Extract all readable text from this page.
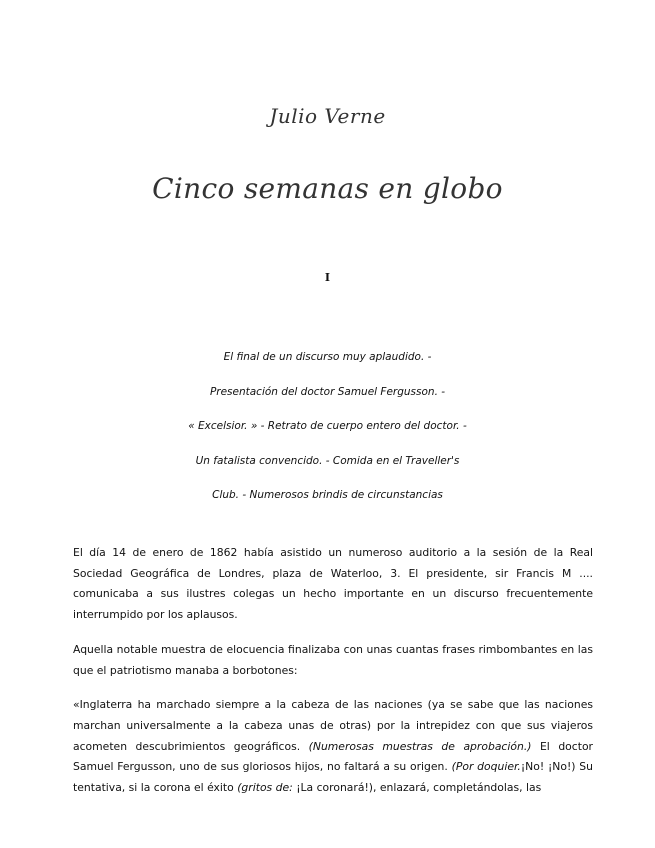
Julio Verne
Cinco semanas en globo
I
El final de un discurso muy aplaudido. -
Presentación del doctor Samuel Fergusson. -
« Excelsior. » - Retrato de cuerpo entero del doctor. -
Un fatalista convencido. - Comida en el Traveller's
Club. - Numerosos brindis de circunstancias

El día 14 de enero de 1862 había asistido un numeroso auditorio a la sesión de la Real Sociedad Geográfica de Londres, plaza de Waterloo, 3. El presidente, sir Francis M .... comunicaba a sus ilustres colegas un hecho importante en un discurso frecuentemente interrumpido por los aplausos.

Aquella notable muestra de elocuencia finalizaba con unas cuantas frases rimbombantes en las que el patriotismo manaba a borbotones:

«Inglaterra ha marchado siempre a la cabeza de las naciones (ya se sabe que las naciones marchan universalmente a la cabeza unas de otras) por la intrepidez con que sus viajeros acometen descubrimientos geográficos. (Numerosas muestras de aprobación.) El doctor Samuel Fergusson, uno de sus gloriosos hijos, no faltará a su origen. (Por doquier.¡No! ¡No!) Su tentativa, si la corona el éxito (gritos de: ¡La coronará!), enlazará, completándolas, las
